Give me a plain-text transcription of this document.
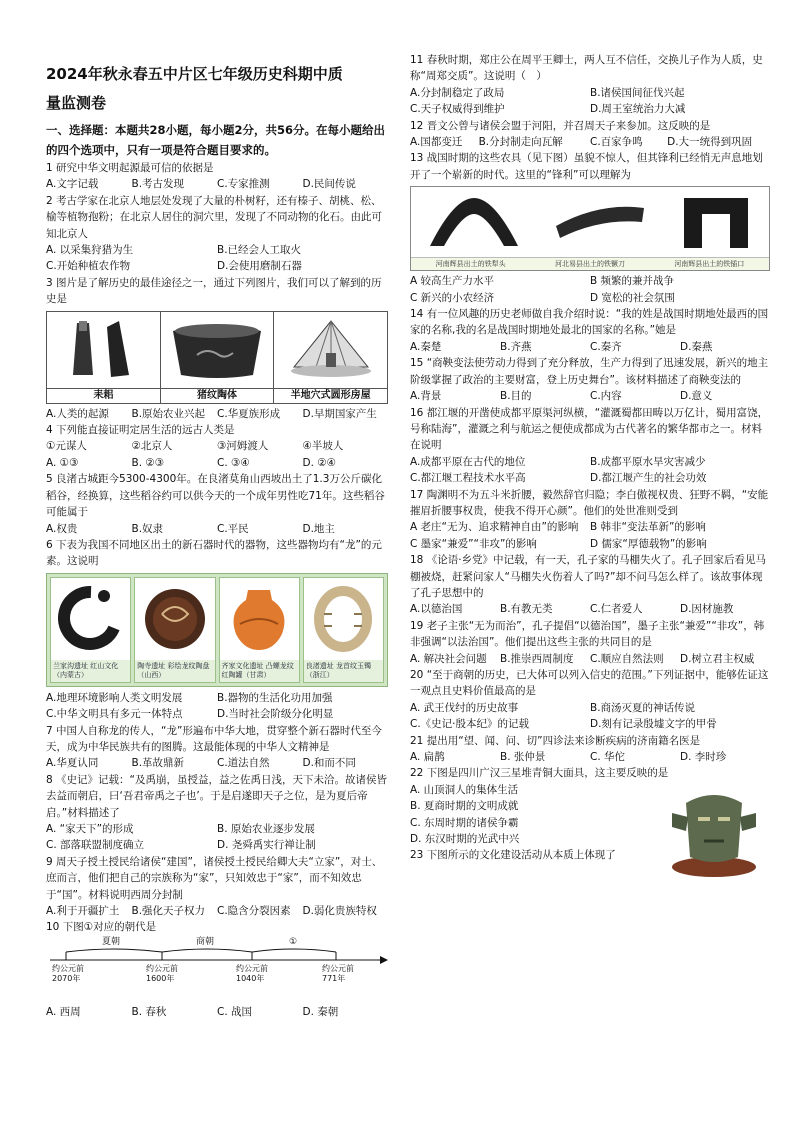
2024年秋永春五中片区七年级历史科期中质
量监测卷
一、选择题：本题共28小题，每小题2分，共56分。在每小题给出的四个选项中，只有一项是符合题目要求的。

1 研究中华文明起源最可信的依据是

A.文字记载	B.考古发现	C.专家推测	D.民间传说

2 考古学家在北京人地层处发现了大量的朴树籽，还有榛子、胡桃、松、榆等植物孢粉；在北京人居住的洞穴里，发现了不同动物的化石。由此可知北京人

A. 以采集狩猎为生	B.已经会人工取火
C.开始种植农作物	D.会使用磨制石器

3 图片是了解历史的最佳途径之一，通过下列图片，我们可以了解到的历史是

耒耜	猪纹陶体	半地穴式圆形房屋
A.人类的起源	B.原始农业兴起	C.华夏族形成	D.早期国家产生

4 下列能直接证明定居生活的远古人类是

①元谋人	②北京人	③河姆渡人	④半坡人
A. ①③	B. ②③	C. ③④	D. ②④

5 良渚古城距今5300-4300年。在良渚莫角山西坡出土了1.3万公斤碳化稻谷，经换算，这些稻谷约可以供今天的一个成年男性吃71年。这些稻谷可能属于

A.权贵	B.奴隶	C.平民	D.地主

6 下表为我国不同地区出土的新石器时代的器物，这些器物均有“龙”的元素。这说明

兰家沟遗址 红山文化（内蒙古）
陶寺遗址 彩绘龙纹陶盘（山西）
齐家文化遗址 凸螺龙纹红陶罐（甘肃）
良渚遗址 龙首纹玉镯（浙江）
A.地理环境影响人类文明发展	B.器物的生活化功用加强
C.中华文明具有多元一体特点	D.当时社会阶级分化明显

7 中国人自称龙的传人，“龙”形遍布中华大地，贯穿整个新石器时代至今天，成为中华民族共有的图腾。这最能体现的中华人文精神是

A.华夏认同	B.革故鼎新	C.道法自然	D.和而不同

8 《史记》记载：“及禹崩，虽授益，益之佐禹日浅，天下未洽。故诸侯皆去益而朝启，曰‘吾君帝禹之子也’。于是启遂即天子之位，是为夏后帝启。”材料描述了

A. “家天下”的形成	B. 原始农业逐步发展
C. 部落联盟制度确立	D. 尧舜禹实行禅让制

9 周天子授土授民给诸侯“建国”，诸侯授土授民给卿大夫“立家”，对士、庶而言，他们把自己的宗族称为“家”，只知效忠于“家”，而不知效忠于“国”。材料说明西周分封制

A.利于开疆扩土	B.强化天子权力	C.隐含分裂因素	D.弱化贵族特权

10 下图①对应的朝代是

夏朝	商朝	①
约公元前2070年
约公元前1600年
约公元前1040年
约公元前771年
A. 西周	B. 春秋	C. 战国	D. 秦朝

11 春秋时期，郑庄公在周平王卿士，两人互不信任，交换儿子作为人质，史称“周郑交质”。这说明（　）

A.分封制稳定了政局	B.诸侯国间征伐兴起
C.天子权威得到维护	D.周王室统治力大减

12 晋文公曾与诸侯会盟于河阳，并召周天子来参加。这反映的是

A.国都变迁	B.分封制走向瓦解	C.百家争鸣	D.大一统得到巩固

13 战国时期的这些农具（见下图）虽貌不惊人，但其锋利已经悄无声息地划开了一个崭新的时代。这里的“锋利”可以理解为

河南辉县出土的铁犁头	河北易县出土的铁镢刀	河南辉县出土的铁锸口
A 较高生产力水平	B 频繁的兼并战争
C 新兴的小农经济	D 宽松的社会氛围

14 有一位风趣的历史老师做自我介绍时说：“我的姓是战国时期地处最西的国家的名称,我的名是战国时期地处最北的国家的名称。”她是

A.秦楚	B.齐燕	C.秦齐	D.秦燕

15 “商鞅变法使劳动力得到了充分释放，生产力得到了迅速发展，新兴的地主阶级掌握了政治的主要财富，登上历史舞台”。该材料描述了商鞅变法的

A.背景	B.目的	C.内容	D.意义

16 都江堰的开凿使成都平原渠河纵横，“灌溉蜀都田畴以万亿计，蜀用富饶，号称陆海”，灌溉之利与航运之便使成都成为古代著名的繁华都市之一。材料在说明

A.成都平原在古代的地位	B.成都平原水旱灾害减少
C.都江堰工程技术水平高	D.都江堰产生的社会功效

17 陶渊明不为五斗米折腰，毅然辞官归隐；李白傲视权贵、狂野不羁，“安能摧眉折腰事权贵，使我不得开心颜”。他们的处世准则受到

A 老庄“无为、追求精神自由”的影响	B 韩非“变法革新”的影响
C 墨家“兼爱”“非攻”的影响	D 儒家“厚德载物”的影响

18 《论语·乡党》中记载，有一天，孔子家的马棚失火了。孔子回家后看见马棚被烧，赶紧问家人“马棚失火伤着人了吗?”却不问马怎么样了。该故事体现了孔子思想中的

A.以德治国	B.有教无类	C.仁者爱人	D.因材施教

19 老子主张“无为而治”，孔子提倡“以德治国”，墨子主张“兼爱”“非攻”，韩非强调“以法治国”。他们提出这些主张的共同目的是

A. 解决社会问题	B.推崇西周制度	C.顺应自然法则	D.树立君主权威

20 “至于商朝的历史，已大体可以列入信史的范围。”下列证据中，能够佐证这一观点且史料价值最高的是

A. 武王伐纣的历史故事	B.商汤灭夏的神话传说
C.《史记·殷本纪》的记载	D.刻有记录殷墟文字的甲骨

21 提出用“望、闻、问、切”四诊法来诊断疾病的济南籍名医是

A. 扁鹊	B. 张仲景	C. 华佗	D. 李时珍

22 下图是四川广汉三星堆青铜大面具，这主要反映的是

A. 山顶洞人的集体生活

B. 夏商时期的文明成就

C. 东周时期的诸侯争霸

D. 东汉时期的光武中兴

23 下图所示的文化建设活动从本质上体现了
